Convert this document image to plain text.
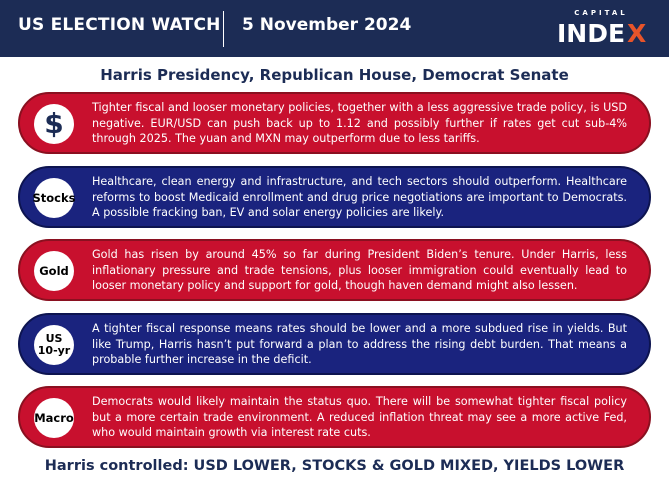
US ELECTION WATCH 5 November 2024
CAPITAL
INDE X
Harris Presidency, Republican House, Democrat Senate
$	Tighter fiscal and looser monetary policies, together with a less aggressive trade policy, is USD negative. EUR/USD can push back up to 1.12 and possibly further if rates get cut sub-4% through 2025. The yuan and MXN may outperform due to less tariffs.
Stocks
Healthcare, clean energy and infrastructure, and tech sectors should outperform. Healthcare reforms to boost Medicaid enrollment and drug price negotiations are important to Democrats. A possible fracking ban, EV and solar energy policies are likely.
Gold
Gold has risen by around 45% so far during President Biden’s tenure. Under Harris, less inflationary pressure and trade tensions, plus looser immigration could eventually lead to looser monetary policy and support for gold, though haven demand might also lessen.
US
10-yr
A tighter fiscal response means rates should be lower and a more subdued rise in yields. But like Trump, Harris hasn’t put forward a plan to address the rising debt burden. That means a probable further increase in the deficit.
Macro
Democrats would likely maintain the status quo. There will be somewhat tighter fiscal policy but a more certain trade environment. A reduced inflation threat may see a more active Fed, who would maintain growth via interest rate cuts.
Harris controlled: USD LOWER, STOCKS & GOLD MIXED, YIELDS LOWER
